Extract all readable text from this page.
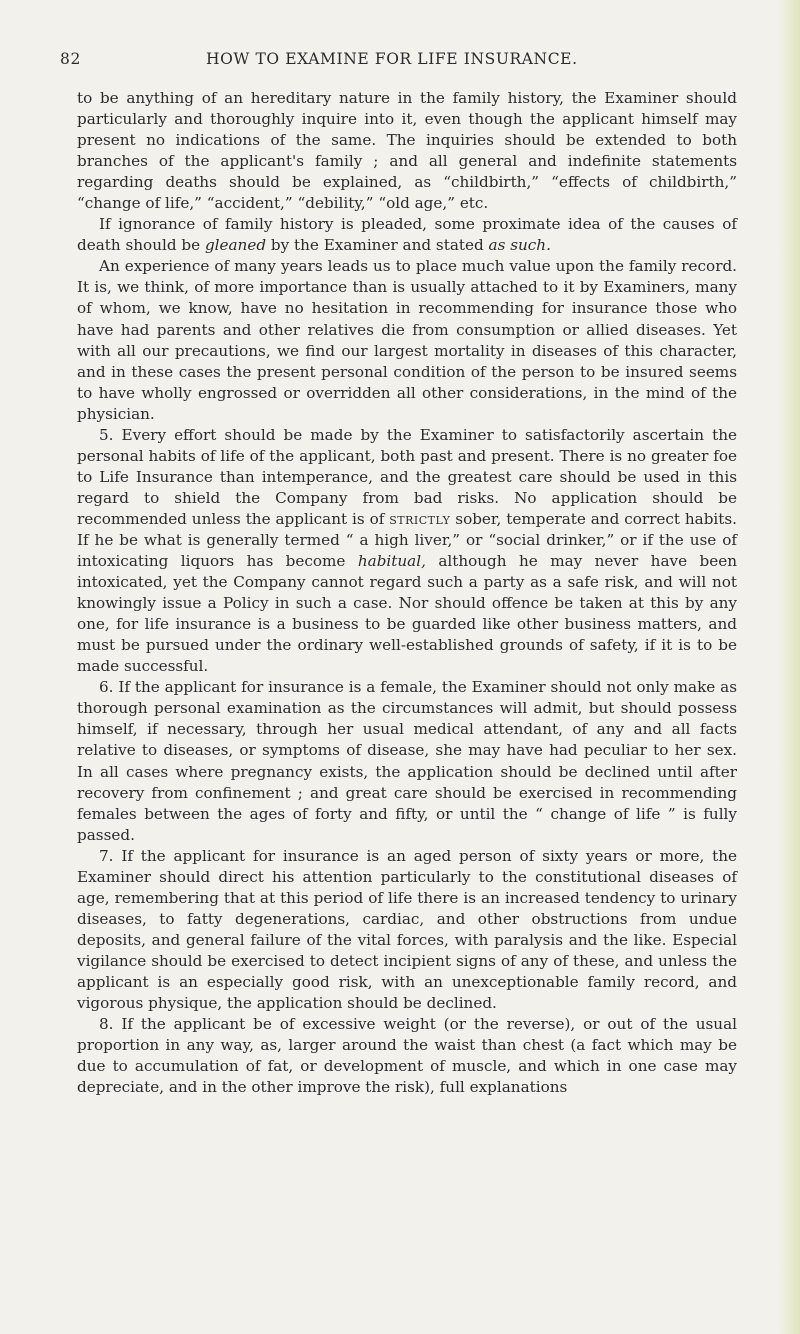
82	HOW TO EXAMINE FOR LIFE INSURANCE.

to be anything of an hereditary nature in the family history, the Examiner should particularly and thoroughly inquire into it, even though the applicant himself may present no indications of the same. The inquiries should be extended to both branches of the applicant's family ; and all general and indefinite statements regarding deaths should be explained, as “childbirth,” “effects of childbirth,” “change of life,” “accident,” “debility,” “old age,” etc.

If ignorance of family history is pleaded, some proximate idea of the causes of death should be gleaned by the Examiner and stated as such.

An experience of many years leads us to place much value upon the family record. It is, we think, of more importance than is usually attached to it by Examiners, many of whom, we know, have no hesitation in recommending for insurance those who have had parents and other relatives die from consumption or allied diseases. Yet with all our precautions, we find our largest mortality in diseases of this character, and in these cases the present personal condition of the person to be insured seems to have wholly engrossed or overridden all other considerations, in the mind of the physician.

5. Every effort should be made by the Examiner to satisfactorily ascertain the personal habits of life of the applicant, both past and present. There is no greater foe to Life Insurance than intemperance, and the greatest care should be used in this regard to shield the Company from bad risks. No application should be recommended unless the applicant is of strictly sober, temperate and correct habits. If he be what is generally termed “ a high liver,” or “social drinker,” or if the use of intoxicating liquors has become habitual, although he may never have been intoxicated, yet the Company cannot regard such a party as a safe risk, and will not knowingly issue a Policy in such a case. Nor should offence be taken at this by any one, for life insurance is a business to be guarded like other business matters, and must be pursued under the ordinary well-established grounds of safety, if it is to be made successful.

6. If the applicant for insurance is a female, the Examiner should not only make as thorough personal examination as the circumstances will admit, but should possess himself, if necessary, through her usual medical attendant, of any and all facts relative to diseases, or symptoms of disease, she may have had peculiar to her sex. In all cases where pregnancy exists, the application should be declined until after recovery from confinement ; and great care should be exercised in recommending females between the ages of forty and fifty, or until the “ change of life ” is fully passed.

7. If the applicant for insurance is an aged person of sixty years or more, the Examiner should direct his attention particularly to the constitutional diseases of age, remembering that at this period of life there is an increased tendency to urinary diseases, to fatty degenerations, cardiac, and other obstructions from undue deposits, and general failure of the vital forces, with paralysis and the like. Especial vigilance should be exercised to detect incipient signs of any of these, and unless the applicant is an especially good risk, with an unexceptionable family record, and vigorous physique, the application should be declined.

8. If the applicant be of excessive weight (or the reverse), or out of the usual proportion in any way, as, larger around the waist than chest (a fact which may be due to accumulation of fat, or development of muscle, and which in one case may depreciate, and in the other improve the risk), full explanations
